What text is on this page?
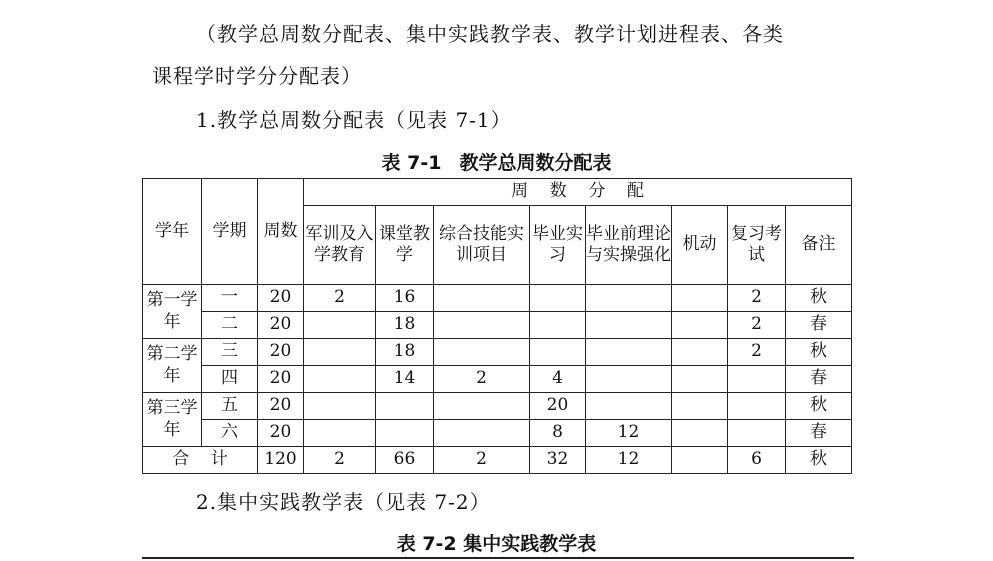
（教学总周数分配表、集中实践教学表、教学计划进程表、各类
课程学时学分分配表）
1.教学总周数分配表（见表 7-1）
表 7-1 教学总周数分配表
学年	学期	周数	周    数    分    配							
			军训及入学教育	课堂教学	综合技能实训项目	毕业实习	毕业前理论与实操强化	机动	复习考试	备注
第一学年	一	20	2	16					2	秋
	二	20		18					2	春
第二学年	三	20		18					2	秋
	四	20		14	2	4				春
第三学年	五	20				20				秋
	六	20				8	12			春
合    计		120	2	66	2	32	12		6	秋
2.集中实践教学表（见表 7-2）
表 7-2 集中实践教学表
